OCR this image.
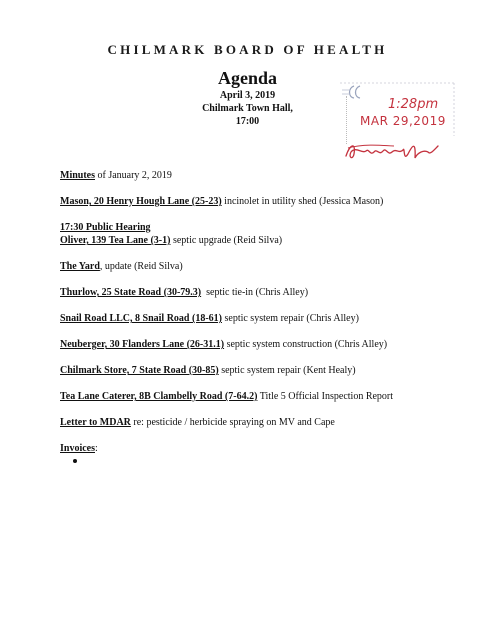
CHILMARK BOARD OF HEALTH
Agenda
April 3, 2019
Chilmark Town Hall,
17:00
1:28pm
MAR 29,2019
Minutes of January 2, 2019
Mason, 20 Henry Hough Lane (25-23) incinolet in utility shed (Jessica Mason)
17:30 Public Hearing
Oliver, 139 Tea Lane (3-1) septic upgrade (Reid Silva)
The Yard, update (Reid Silva)
Thurlow, 25 State Road (30-79.3)  septic tie-in (Chris Alley)
Snail Road LLC, 8 Snail Road (18-61) septic system repair (Chris Alley)
Neuberger, 30 Flanders Lane (26-31.1) septic system construction (Chris Alley)
Chilmark Store, 7 State Road (30-85) septic system repair (Kent Healy)
Tea Lane Caterer, 8B Clambelly Road (7-64.2) Title 5 Official Inspection Report
Letter to MDAR re: pesticide / herbicide spraying on MV and Cape
Invoices:
